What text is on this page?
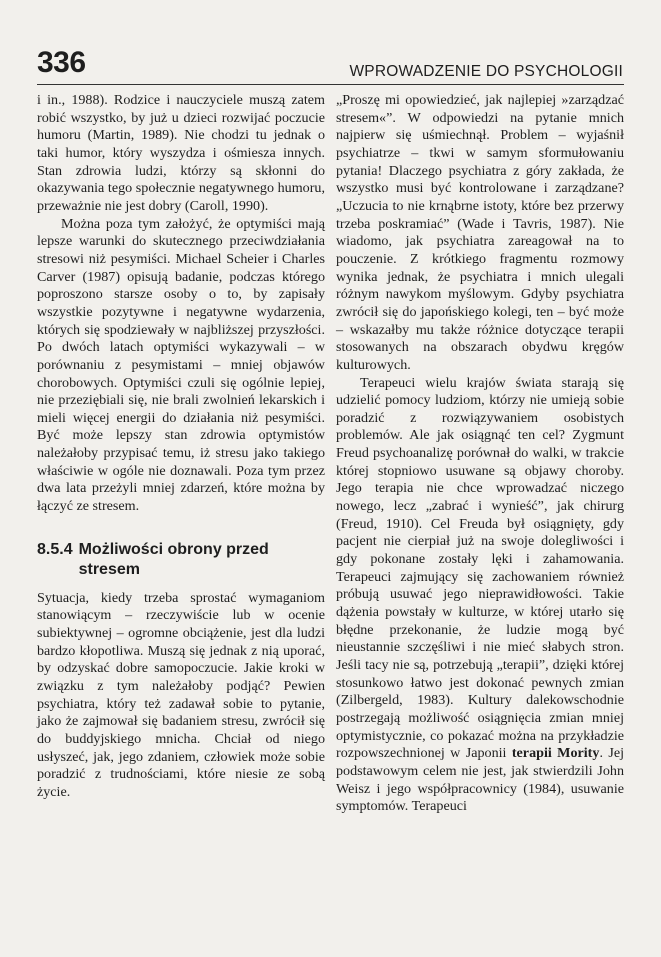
336	WPROWADZENIE DO PSYCHOLOGII

i in., 1988). Rodzice i nauczyciele muszą zatem robić wszystko, by już u dzieci rozwijać poczucie humoru (Martin, 1989). Nie chodzi tu jednak o taki humor, który wyszydza i ośmiesza innych. Stan zdrowia ludzi, którzy są skłonni do okazywania tego społecznie negatywnego humoru, przeważnie nie jest dobry (Caroll, 1990).

Można poza tym założyć, że optymiści mają lepsze warunki do skutecznego przeciwdziałania stresowi niż pesymiści. Michael Scheier i Charles Carver (1987) opisują badanie, podczas którego poproszono starsze osoby o to, by zapisały wszystkie pozytywne i negatywne wydarzenia, których się spodziewały w najbliższej przyszłości. Po dwóch latach optymiści wykazywali – w porównaniu z pesymistami – mniej objawów chorobowych. Optymiści czuli się ogólnie lepiej, nie przeziębiali się, nie brali zwolnień lekarskich i mieli więcej energii do działania niż pesymiści. Być może lepszy stan zdrowia optymistów należałoby przypisać temu, iż stresu jako takiego właściwie w ogóle nie doznawali. Poza tym przez dwa lata przeżyli mniej zdarzeń, które można by łączyć ze stresem.

8.5.4 Możliwości obrony przed stresem

Sytuacja, kiedy trzeba sprostać wymaganiom stanowiącym – rzeczywiście lub w ocenie subiektywnej – ogromne obciążenie, jest dla ludzi bardzo kłopotliwa. Muszą się jednak z nią uporać, by odzyskać dobre samopoczucie. Jakie kroki w związku z tym należałoby podjąć? Pewien psychiatra, który też zadawał sobie to pytanie, jako że zajmował się badaniem stresu, zwrócił się do buddyjskiego mnicha. Chciał od niego usłyszeć, jak, jego zdaniem, człowiek może sobie poradzić z trudnościami, które niesie ze sobą życie.

„Proszę mi opowiedzieć, jak najlepiej »zarządzać stresem«”. W odpowiedzi na pytanie mnich najpierw się uśmiechnął. Problem – wyjaśnił psychiatrze – tkwi w samym sformułowaniu pytania! Dlaczego psychiatra z góry zakłada, że wszystko musi być kontrolowane i zarządzane? „Uczucia to nie krnąbrne istoty, które bez przerwy trzeba poskramiać” (Wade i Tavris, 1987). Nie wiadomo, jak psychiatra zareagował na to pouczenie. Z krótkiego fragmentu rozmowy wynika jednak, że psychiatra i mnich ulegali różnym nawykom myślowym. Gdyby psychiatra zwrócił się do japońskiego kolegi, ten – być może – wskazałby mu także różnice dotyczące terapii stosowanych na obszarach obydwu kręgów kulturowych.

Terapeuci wielu krajów świata starają się udzielić pomocy ludziom, którzy nie umieją sobie poradzić z rozwiązywaniem osobistych problemów. Ale jak osiągnąć ten cel? Zygmunt Freud psychoanalizę porównał do walki, w trakcie której stopniowo usuwane są objawy choroby. Jego terapia nie chce wprowadzać niczego nowego, lecz „zabrać i wynieść”, jak chirurg (Freud, 1910). Cel Freuda był osiągnięty, gdy pacjent nie cierpiał już na swoje dolegliwości i gdy pokonane zostały lęki i zahamowania. Terapeuci zajmujący się zachowaniem również próbują usuwać jego nieprawidłowości. Takie dążenia powstały w kulturze, w której utarło się błędne przekonanie, że ludzie mogą być nieustannie szczęśliwi i nie mieć słabych stron. Jeśli tacy nie są, potrzebują „terapii”, dzięki której stosunkowo łatwo jest dokonać pewnych zmian (Zilbergeld, 1983). Kultury dalekowschodnie postrzegają możliwość osiągnięcia zmian mniej optymistycznie, co pokazać można na przykładzie rozpowszechnionej w Japonii terapii Mority. Jej podstawowym celem nie jest, jak stwierdzili John Weisz i jego współpracownicy (1984), usuwanie symptomów. Terapeuci
